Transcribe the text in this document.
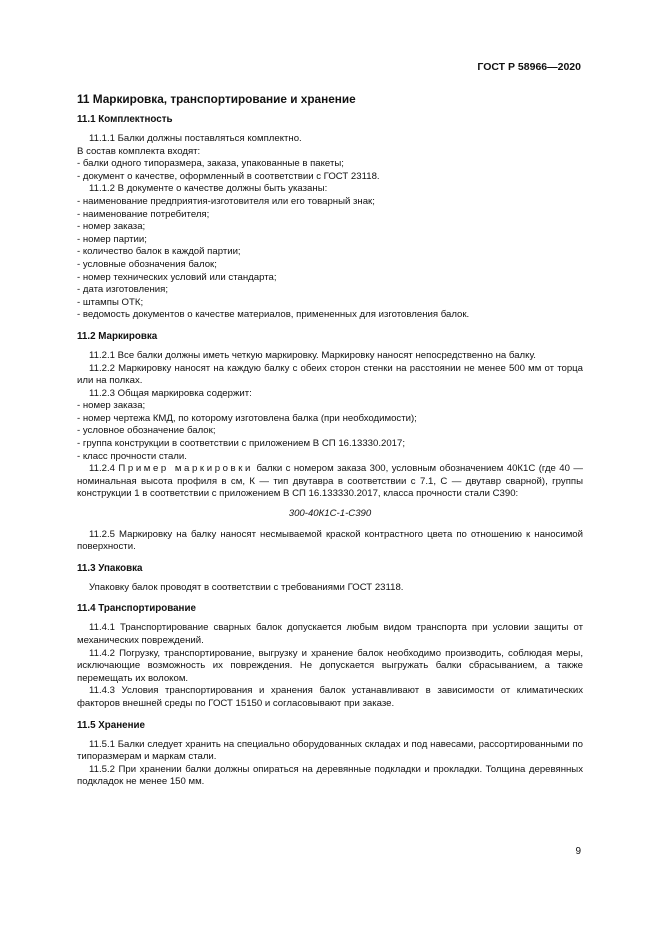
ГОСТ Р 58966—2020
11 Маркировка, транспортирование и хранение
11.1 Комплектность

11.1.1 Балки должны поставляться комплектно.

В состав комплекта входят:

- балки одного типоразмера, заказа, упакованные в пакеты;

- документ о качестве, оформленный в соответствии с ГОСТ 23118.

11.1.2 В документе о качестве должны быть указаны:

- наименование предприятия-изготовителя или его товарный знак;

- наименование потребителя;

- номер заказа;

- номер партии;

- количество балок в каждой партии;

- условные обозначения балок;

- номер технических условий или стандарта;

- дата изготовления;

- штампы ОТК;

- ведомость документов о качестве материалов, примененных для изготовления балок.

11.2 Маркировка

11.2.1 Все балки должны иметь четкую маркировку. Маркировку наносят непосредственно на балку.

11.2.2 Маркировку наносят на каждую балку с обеих сторон стенки на расстоянии не менее 500 мм от торца или на полках.

11.2.3 Общая маркировка содержит:

- номер заказа;

- номер чертежа КМД, по которому изготовлена балка (при необходимости);

- условное обозначение балок;

- группа конструкции в соответствии с приложением В СП 16.13330.2017;

- класс прочности стали.

11.2.4 Пример маркировки балки с номером заказа 300, условным обозначением 40К1С (где 40 — номинальная высота профиля в см, К — тип двутавра в соответствии с 7.1, С — двутавр сварной), группы конструкции 1 в соответствии с приложением В СП 16.133330.2017, класса прочности стали С390:

300-40К1С-1-С390

11.2.5 Маркировку на балку наносят несмываемой краской контрастного цвета по отношению к наносимой поверхности.

11.3 Упаковка

Упаковку балок проводят в соответствии с требованиями ГОСТ 23118.

11.4 Транспортирование

11.4.1 Транспортирование сварных балок допускается любым видом транспорта при условии защиты от механических повреждений.

11.4.2 Погрузку, транспортирование, выгрузку и хранение балок необходимо производить, соблюдая меры, исключающие возможность их повреждения. Не допускается выгружать балки сбрасыванием, а также перемещать их волоком.

11.4.3 Условия транспортирования и хранения балок устанавливают в зависимости от климатических факторов внешней среды по ГОСТ 15150 и согласовывают при заказе.

11.5 Хранение

11.5.1 Балки следует хранить на специально оборудованных складах и под навесами, рассортированными по типоразмерам и маркам стали.

11.5.2 При хранении балки должны опираться на деревянные подкладки и прокладки. Толщина деревянных подкладок не менее 150 мм.

9
